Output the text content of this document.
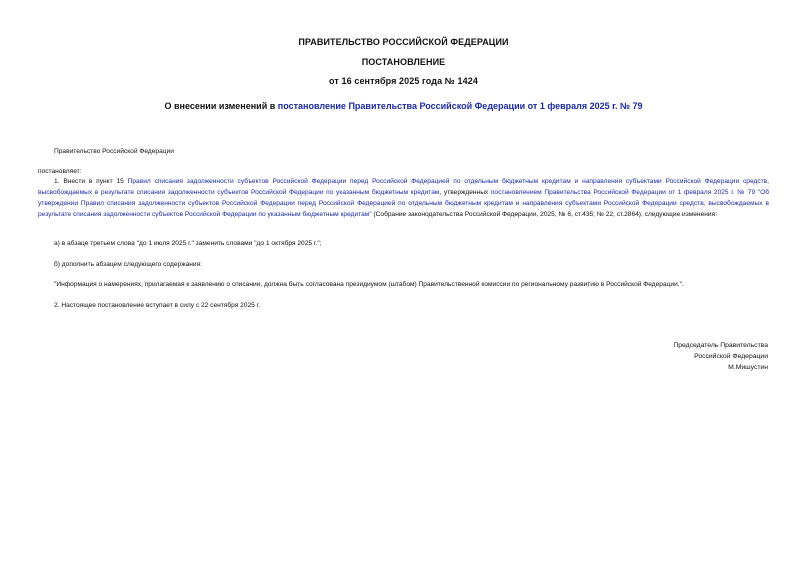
ПРАВИТЕЛЬСТВО РОССИЙСКОЙ ФЕДЕРАЦИИ
ПОСТАНОВЛЕНИЕ
от 16 сентября 2025 года № 1424
О внесении изменений в постановление Правительства Российской Федерации от 1 февраля 2025 г. № 79
Правительство Российской Федерации
постановляет:
1. Внести в пункт 15 Правил списания задолженности субъектов Российской Федерации перед Российской Федерацией по отдельным бюджетным кредитам и направления субъектами Российской Федерации средств, высвобождаемых в результате списания задолженности субъектов Российской Федерации по указанным бюджетным кредитам, утвержденных постановлением Правительства Российской Федерации от 1 февраля 2025 г. № 79 "Об утверждении Правил списания задолженности субъектов Российской Федерации перед Российской Федерацией по отдельным бюджетным кредитам и направления субъектами Российской Федерации средств, высвобождаемых в результате списания задолженности субъектов Российской Федерации по указанным бюджетным кредитам" (Собрание законодательства Российской Федерации, 2025, № 6, ст.435; № 22, ст.2864), следующие изменения:
а) в абзаце третьем слова "до 1 июля 2025 г." заменить словами "до 1 октября 2025 г.";
б) дополнить абзацем следующего содержания:
"Информация о намерениях, прилагаемая к заявлению о списании, должна быть согласована президиумом (штабом) Правительственной комиссии по региональному развитию в Российской Федерации.".
2. Настоящее постановление вступает в силу с 22 сентября 2025 г.
Председатель Правительства
Российской Федерации
М.Мишустин
